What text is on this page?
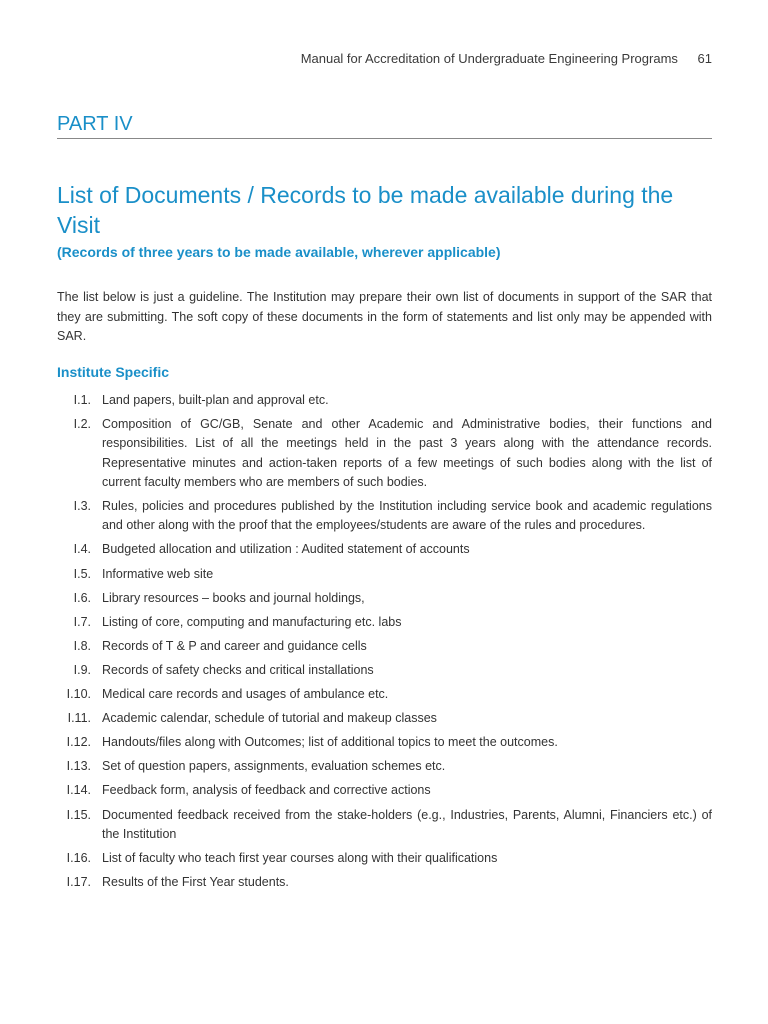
Manual for Accreditation of Undergraduate Engineering Programs 61
PART IV
List of Documents / Records to be made available during the Visit
(Records of three years to be made available, wherever applicable)

The list below is just a guideline. The Institution may prepare their own list of documents in support of the SAR that they are submitting. The soft copy of these documents in the form of statements and list only may be appended with SAR.

Institute Specific
I.1. Land papers, built-plan and approval etc.
I.2. Composition of GC/GB, Senate and other Academic and Administrative bodies, their functions and responsibilities. List of all the meetings held in the past 3 years along with the attendance records. Representative minutes and action-taken reports of a few meetings of such bodies along with the list of current faculty members who are members of such bodies.
I.3. Rules, policies and procedures published by the Institution including service book and academic regulations and other along with the proof that the employees/students are aware of the rules and procedures.
I.4. Budgeted allocation and utilization : Audited statement of accounts
I.5. Informative web site
I.6. Library resources – books and journal holdings,
I.7. Listing of core, computing and manufacturing etc. labs
I.8. Records of T & P and career and guidance cells
I.9. Records of safety checks and critical installations
I.10. Medical care records and usages of ambulance etc.
I.11. Academic calendar, schedule of tutorial and makeup classes
I.12. Handouts/files along with Outcomes; list of additional topics to meet the outcomes.
I.13. Set of question papers, assignments, evaluation schemes etc.
I.14. Feedback form, analysis of feedback and corrective actions
I.15. Documented feedback received from the stake-holders (e.g., Industries, Parents, Alumni, Financiers etc.) of the Institution
I.16. List of faculty who teach first year courses along with their qualifications
I.17. Results of the First Year students.
